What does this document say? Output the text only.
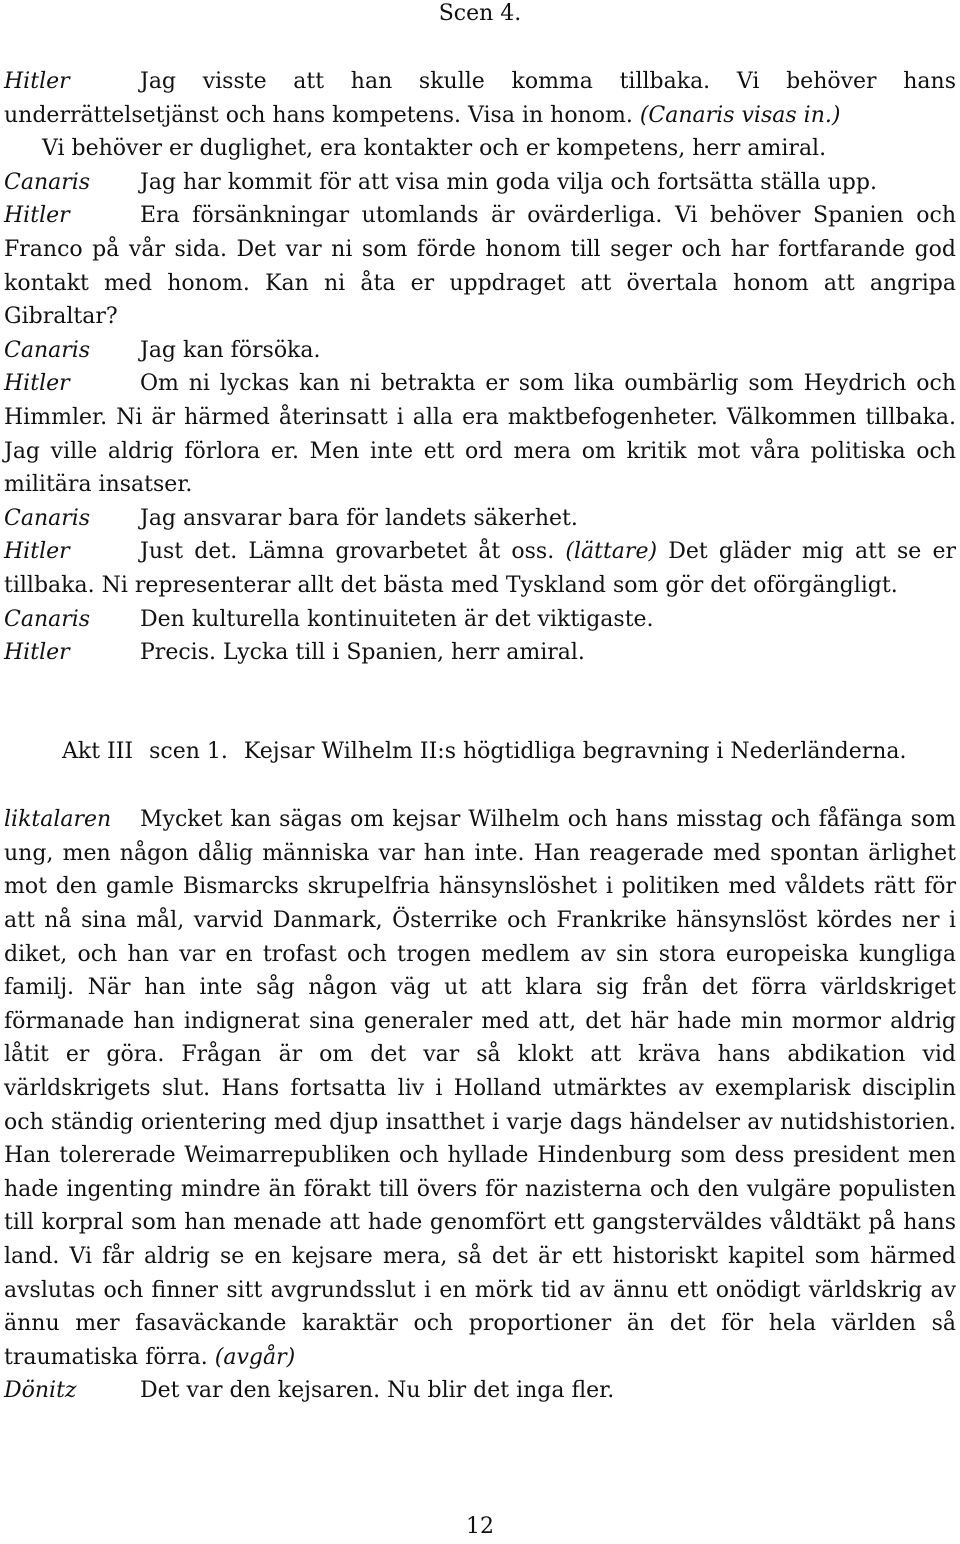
Scen 4.

Hitler	Jag visste att han skulle komma tillbaka. Vi behöver hans underrättelsetjänst och hans kompetens. Visa in honom. (Canaris visas in.)

Vi behöver er duglighet, era kontakter och er kompetens, herr amiral.

Canaris Jag har kommit för att visa min goda vilja och fortsätta ställa upp.

Hitler	Era försänkningar utomlands är ovärderliga. Vi behöver Spanien och Franco på vår sida. Det var ni som förde honom till seger och har fortfarande god kontakt med honom. Kan ni åta er uppdraget att övertala honom att angripa Gibraltar?

Canaris Jag kan försöka.

Hitler	Om ni lyckas kan ni betrakta er som lika oumbärlig som Heydrich och Himmler. Ni är härmed återinsatt i alla era maktbefogenheter. Välkommen tillbaka. Jag ville aldrig förlora er. Men inte ett ord mera om kritik mot våra politiska och militära insatser.

Canaris Jag ansvarar bara för landets säkerhet.

Hitler	Just det. Lämna grovarbetet åt oss. (lättare) Det gläder mig att se er tillbaka. Ni representerar allt det bästa med Tyskland som gör det oförgängligt.

Canaris Den kulturella kontinuiteten är det viktigaste.

Hitler	Precis. Lycka till i Spanien, herr amiral.

Akt III scen 1. Kejsar Wilhelm II:s högtidliga begravning i Nederländerna.

liktalaren Mycket kan sägas om kejsar Wilhelm och hans misstag och fåfänga som ung, men någon dålig människa var han inte. Han reagerade med spontan ärlighet mot den gamle Bismarcks skrupelfria hänsynslöshet i politiken med våldets rätt för att nå sina mål, varvid Danmark, Österrike och Frankrike hänsynslöst kördes ner i diket, och han var en trofast och trogen medlem av sin stora europeiska kungliga familj. När han inte såg någon väg ut att klara sig från det förra världskriget förmanade han indignerat sina generaler med att, det här hade min mormor aldrig låtit er göra. Frågan är om det var så klokt att kräva hans abdikation vid världskrigets slut. Hans fortsatta liv i Holland utmärktes av exemplarisk disciplin och ständig orientering med djup insatthet i varje dags händelser av nutidshistorien. Han tolererade Weimarrepubliken och hyllade Hindenburg som dess president men hade ingenting mindre än förakt till övers för nazisterna och den vulgäre populisten till korpral som han menade att hade genomfört ett gangsterväldes våldtäkt på hans land. Vi får aldrig se en kejsare mera, så det är ett historiskt kapitel som härmed avslutas och finner sitt avgrundsslut i en mörk tid av ännu ett onödigt världskrig av ännu mer fasaväckande karaktär och proportioner än det för hela världen så traumatiska förra. (avgår)

Dönitz	Det var den kejsaren. Nu blir det inga fler.

12
